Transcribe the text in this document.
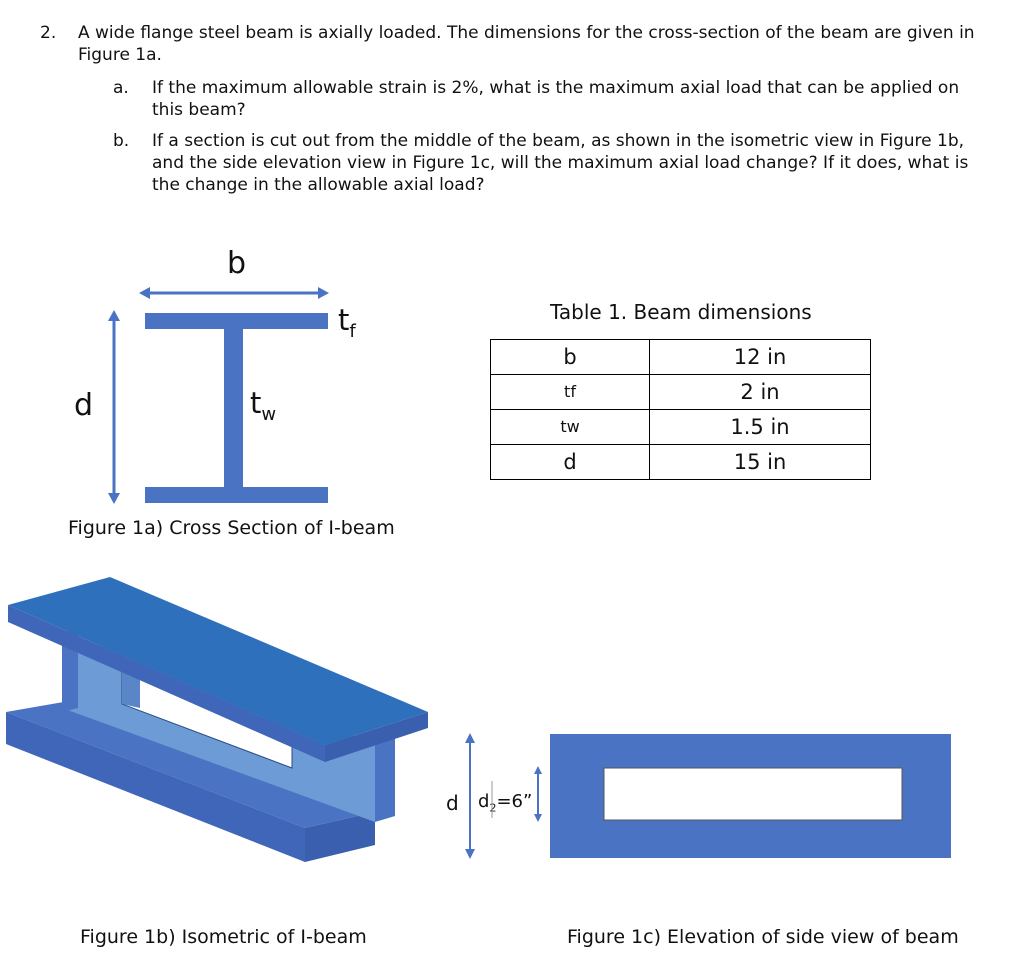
2. A wide flange steel beam is axially loaded. The dimensions for the cross-section of the beam are given in Figure 1a.
a. If the maximum allowable strain is 2%, what is the maximum axial load that can be applied on this beam?
b. If a section is cut out from the middle of the beam, as shown in the isometric view in Figure 1b, and the side elevation view in Figure 1c, will the maximum axial load change? If it does, what is the change in the allowable axial load?
b
$t_f$
$t_w$
d
Figure 1a) Cross Section of I-beam
Table 1. Beam dimensions
b	12 in
tf	2 in
tw	1.5 in
d	15 in
Figure 1b) Isometric of I-beam
d $d_2=6$”
Figure 1c) Elevation of side view of beam
